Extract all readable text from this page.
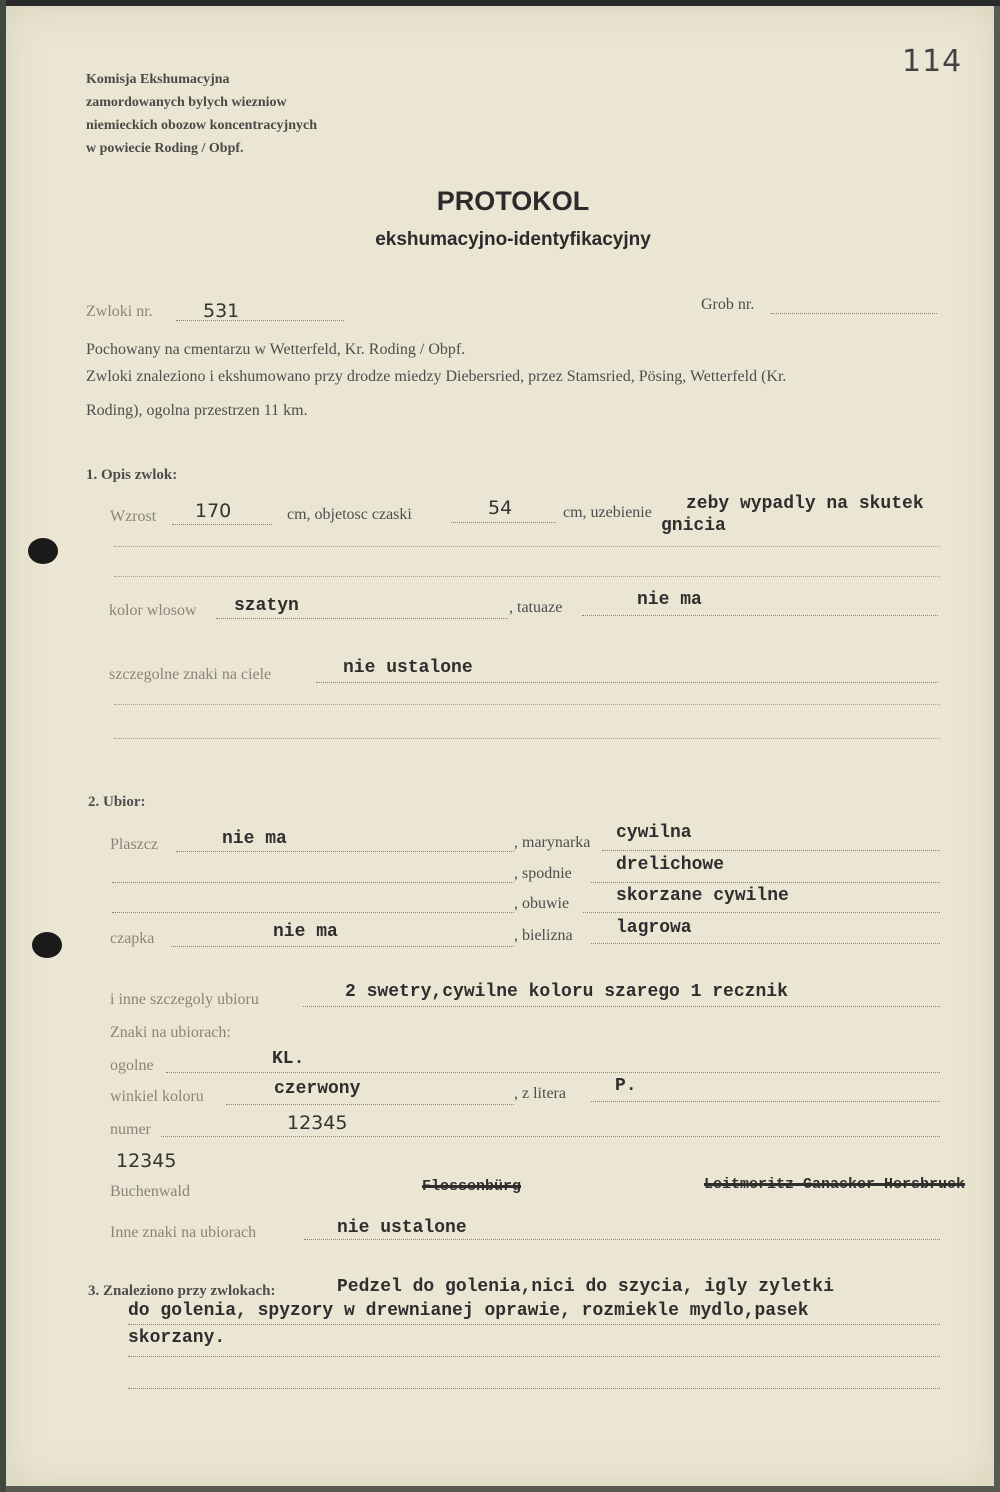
114
Komisja Ekshumacyjna
zamordowanych bylych wiezniow
niemieckich obozow koncentracyjnych
w powiecie Roding / Obpf.
PROTOKOL
ekshumacyjno-identyfikacyjny
Zwloki nr.	531	Grob nr.
Pochowany na cmentarzu w Wetterfeld, Kr. Roding / Obpf.
Zwloki znaleziono i ekshumowano przy drodze miedzy Diebersried, przez Stamsried, Pösing, Wetterfeld (Kr.
Roding), ogolna przestrzen 11 km.
1. Opis zwlok:
Wzrost 170	cm, objetosc czaski	54	cm, uzebienie zeby wypadly na skutek
gnicia
kolor wlosow szatyn	, tatuaze	nie ma
szczegolne znaki na ciele	nie ustalone
2. Ubior:
Plaszcz	nie ma	, marynarka cywilna
, spodnie drelichowe
, obuwie	skorzane cywilne
czapka	nie ma	, bielizna lagrowa
i inne szczegoly ubioru	2 swetry,cywilne koloru szarego 1 recznik
Znaki na ubiorach:
ogolne	KL.
winkiel koloru	czerwony	, z litera	P.
numer	12345
12345
Buchenwald	Flossenbürg	Leitmeritz-Ganacker-Hersbruck
Inne znaki na ubiorach	nie ustalone
3. Znaleziono przy zwlokach:	Pedzel do golenia,nici do szycia, igly zyletki
do golenia, spyzory w drewnianej oprawie, rozmiekle mydlo,pasek
skorzany.
